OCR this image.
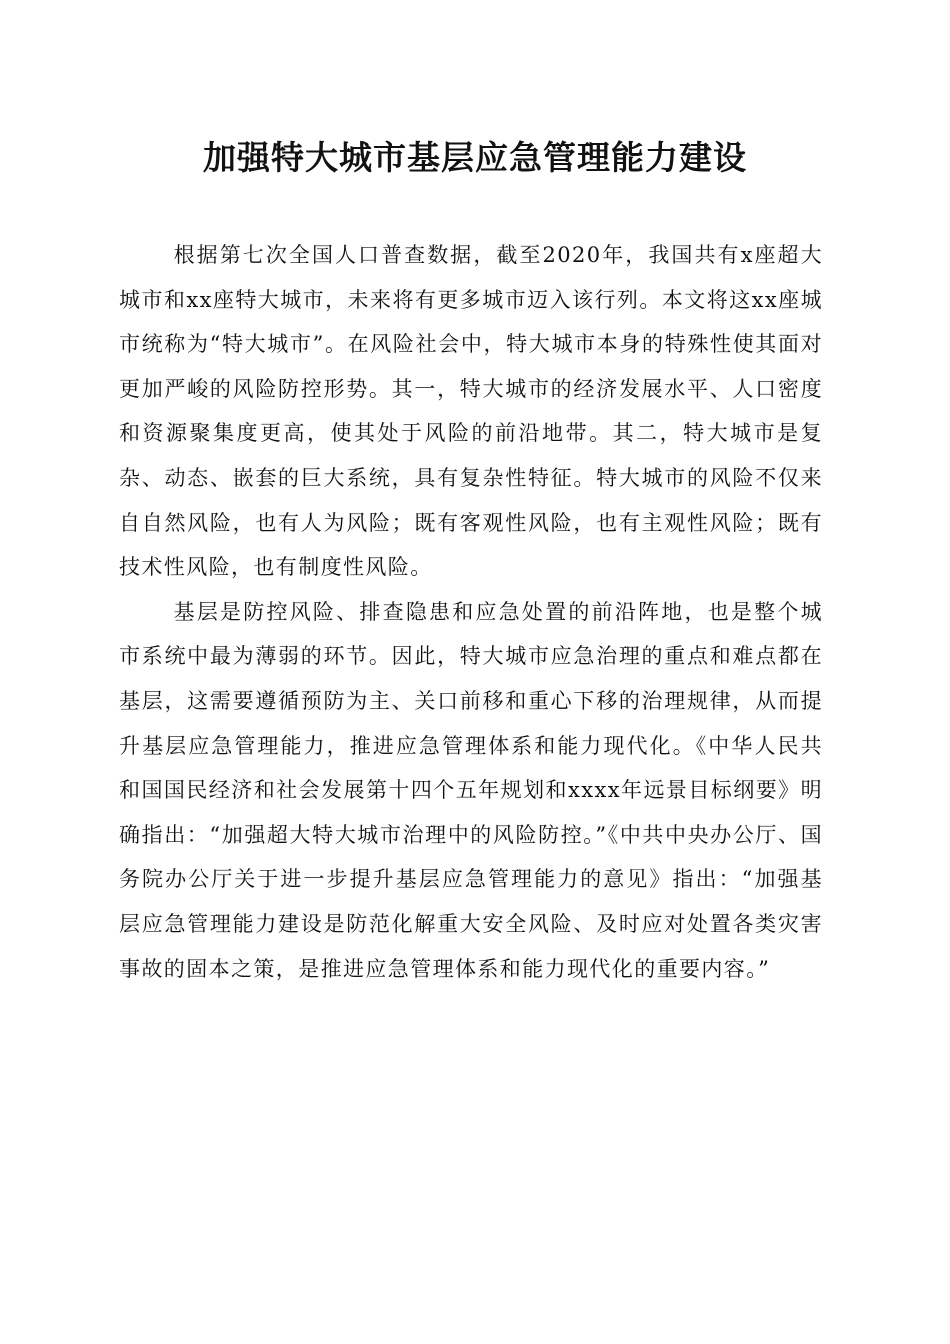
加强特大城市基层应急管理能力建设

根据第七次全国人口普查数据，截至2020年，我国共有x座超大城市和xx座特大城市，未来将有更多城市迈入该行列。本文将这xx座城市统称为“特大城市”。在风险社会中，特大城市本身的特殊性使其面对更加严峻的风险防控形势。其一，特大城市的经济发展水平、人口密度和资源聚集度更高，使其处于风险的前沿地带。其二，特大城市是复杂、动态、嵌套的巨大系统，具有复杂性特征。特大城市的风险不仅来自自然风险，也有人为风险；既有客观性风险，也有主观性风险；既有技术性风险，也有制度性风险。

基层是防控风险、排查隐患和应急处置的前沿阵地，也是整个城市系统中最为薄弱的环节。因此，特大城市应急治理的重点和难点都在基层，这需要遵循预防为主、关口前移和重心下移的治理规律，从而提升基层应急管理能力，推进应急管理体系和能力现代化。《中华人民共和国国民经济和社会发展第十四个五年规划和xxxx年远景目标纲要》明确指出：“加强超大特大城市治理中的风险防控。”《中共中央办公厅、国务院办公厅关于进一步提升基层应急管理能力的意见》指出：“加强基层应急管理能力建设是防范化解重大安全风险、及时应对处置各类灾害事故的固本之策，是推进应急管理体系和能力现代化的重要内容。”
